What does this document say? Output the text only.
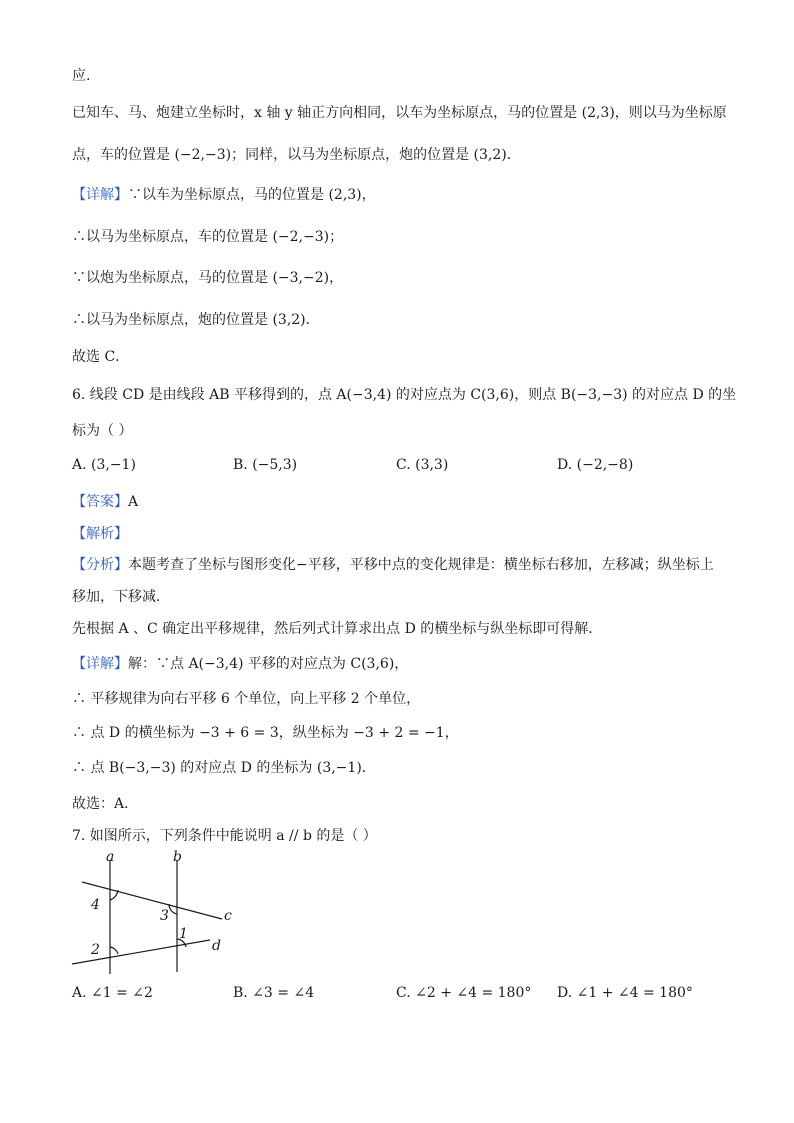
应.
已知车、马、炮建立坐标时，x 轴 y 轴正方向相同，以车为坐标原点，马的位置是 (2,3)，则以马为坐标原
点，车的位置是 (−2,−3)；同样，以马为坐标原点，炮的位置是 (3,2)．
【详解】∵以车为坐标原点，马的位置是 (2,3)，
∴以马为坐标原点，车的位置是 (−2,−3)；
∵以炮为坐标原点，马的位置是 (−3,−2)，
∴以马为坐标原点，炮的位置是 (3,2)．
故选 C．
6. 线段 CD 是由线段 AB 平移得到的，点 A(−3,4) 的对应点为 C(3,6)，则点 B(−3,−3) 的对应点 D 的坐
标为（ ）
A. (3,−1)	B. (−5,3)	C. (3,3)	D. (−2,−8)
【答案】A
【解析】
【分析】本题考查了坐标与图形变化−平移，平移中点的变化规律是：横坐标右移加，左移减；纵坐标上
移加，下移减．
先根据 A 、C 确定出平移规律，然后列式计算求出点 D 的横坐标与纵坐标即可得解．
【详解】解：∵点 A(−3,4) 平移的对应点为 C(3,6)，
∴ 平移规律为向右平移 6 个单位，向上平移 2 个单位，
∴ 点 D 的横坐标为 −3 + 6 = 3，纵坐标为 −3 + 2 = −1，
∴ 点 B(−3,−3) 的对应点 D 的坐标为 (3,−1)．
故选：A．
7. 如图所示，下列条件中能说明 a // b 的是（ ）
a	b
c
d
1
2
3
4
A. ∠1 = ∠2	B. ∠3 = ∠4	C. ∠2 + ∠4 = 180° D. ∠1 + ∠4 = 180°
